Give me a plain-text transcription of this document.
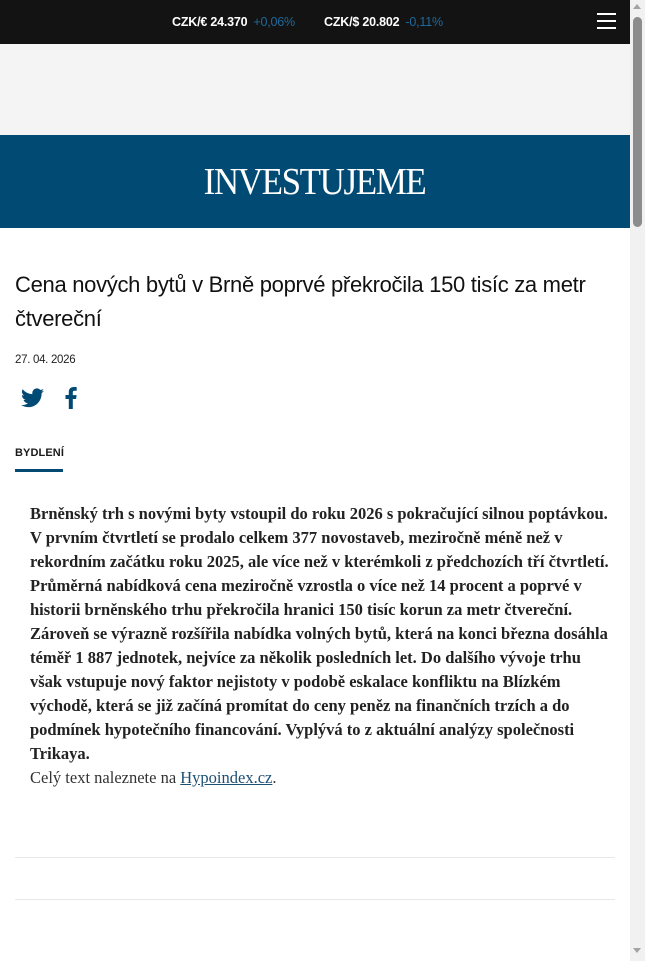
CZK/€ 24.370 +0,06% CZK/$ 20.802 -0,11%
INVESTUJEME
Cena nových bytů v Brně poprvé překročila 150 tisíc za metr čtvereční
27. 04. 2026
BYDLENÍ

Brněnský trh s novými byty vstoupil do roku 2026 s pokračující silnou poptávkou. V prvním čtvrtletí se prodalo celkem 377 novostaveb, meziročně méně než v rekordním začátku roku 2025, ale více než v kterémkoli z předchozích tří čtvrtletí. Průměrná nabídková cena meziročně vzrostla o více než 14 procent a poprvé v historii brněnského trhu překročila hranici 150 tisíc korun za metr čtvereční. Zároveň se výrazně rozšířila nabídka volných bytů, která na konci března dosáhla téměř 1 887 jednotek, nejvíce za několik posledních let. Do dalšího vývoje trhu však vstupuje nový faktor nejistoty v podobě eskalace konfliktu na Blízkém východě, která se již začíná promítat do ceny peněz na finančních trzích a do podmínek hypotečního financování. Vyplývá to z aktuální analýzy společnosti Trikaya.

Celý text naleznete na Hypoindex.cz.
